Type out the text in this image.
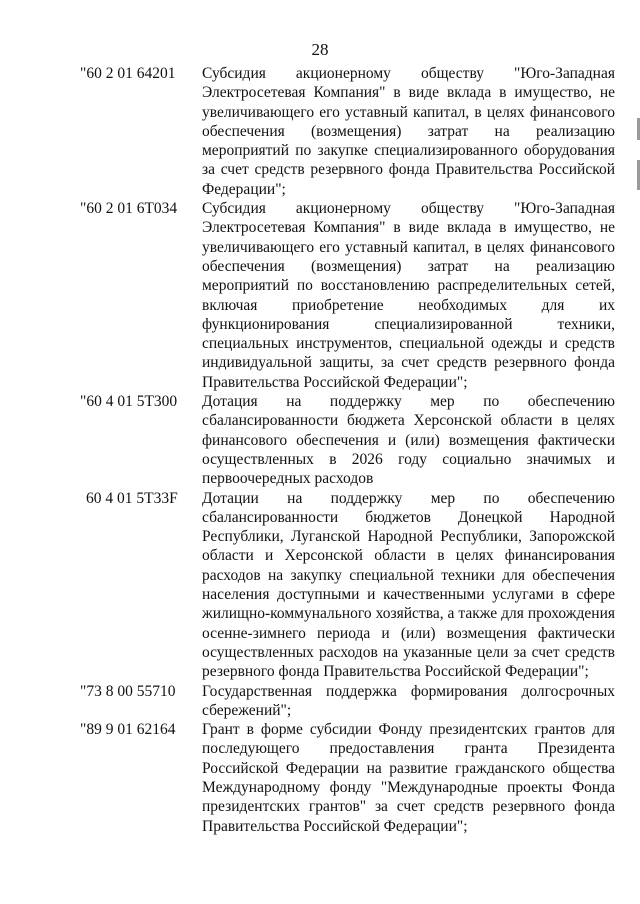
28
"60 2 01 64201	Субсидия акционерному обществу "Юго-Западная Электросетевая Компания" в виде вклада в имущество, не увеличивающего его уставный капитал, в целях финансового обеспечения (возмещения) затрат на реализацию мероприятий по закупке специализированного оборудования за счет средств резервного фонда Правительства Российской Федерации";
"60 2 01 6Т034	Субсидия акционерному обществу "Юго-Западная Электросетевая Компания" в виде вклада в имущество, не увеличивающего его уставный капитал, в целях финансового обеспечения (возмещения) затрат на реализацию мероприятий по восстановлению распределительных сетей, включая приобретение необходимых для их функционирования специализированной техники, специальных инструментов, специальной одежды и средств индивидуальной защиты, за счет средств резервного фонда Правительства Российской Федерации";
"60 4 01 5Т300	Дотация на поддержку мер по обеспечению сбалансированности бюджета Херсонской области в целях финансового обеспечения и (или) возмещения фактически осуществленных в 2026 году социально значимых и первоочередных расходов
60 4 01 5Т33F	Дотации на поддержку мер по обеспечению сбалансированности бюджетов Донецкой Народной Республики, Луганской Народной Республики, Запорожской области и Херсонской области в целях финансирования расходов на закупку специальной техники для обеспечения населения доступными и качественными услугами в сфере жилищно-коммунального хозяйства, а также для прохождения осенне-зимнего периода и (или) возмещения фактически осуществленных расходов на указанные цели за счет средств резервного фонда Правительства Российской Федерации";
"73 8 00 55710	Государственная поддержка формирования долгосрочных сбережений";
"89 9 01 62164	Грант в форме субсидии Фонду президентских грантов для последующего предоставления гранта Президента Российской Федерации на развитие гражданского общества Международному фонду "Международные проекты Фонда президентских грантов" за счет средств резервного фонда Правительства Российской Федерации";
